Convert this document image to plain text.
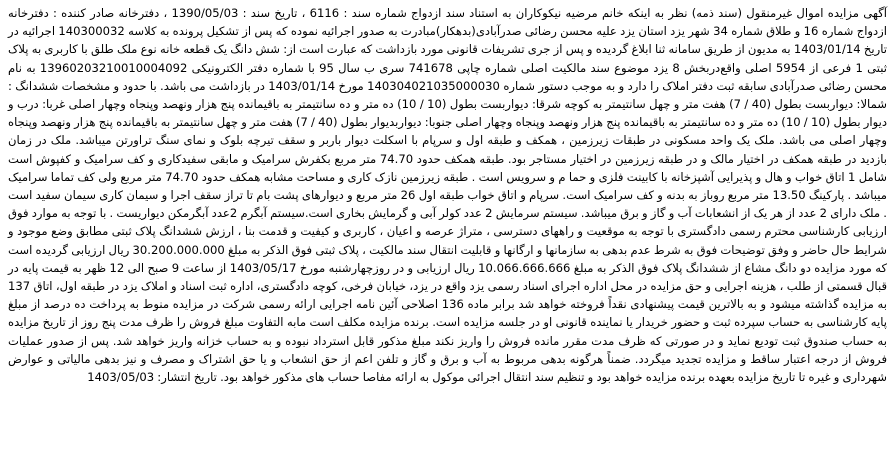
آگهی مزایده اموال غیرمنقول (سند ذمه) نظر به اینکه خانم مرضیه نیکوکاران به استناد سند ازدواج شماره سند : 6116 ، تاریخ سند : 1390/05/03 ، دفترخانه صادر کننده : دفترخانه ازدواج شماره 16 و طلاق شماره 34 شهر یزد استان یزد علیه محسن رضائی صدرآبادی(بدهکار)مبادرت به صدور اجرائیه نموده که پس از تشکیل پرونده به کلاسه 140300032 اجرائیه در تاریخ 1403/01/14 به مدیون از طریق سامانه ثنا ابلاغ گردیده و پس از جری تشریفات قانونی مورد بازداشت که عبارت است از: شش دانگ یک قطعه خانه نوع ملک طلق با کاربری به پلاک ثبتی 1 فرعی از 5954 اصلی واقع‌دربخش 8 یزد موضوع سند مالکیت اصلی شماره چاپی 741678 سری ب سال 95 با شماره دفتر الکترونیکی 13960203210010004092 به نام محسن رضائی صدرآبادی سابقه ثبت دفتر املاک را دارد و به موجب دستور شماره 140304021035000030 مورخ 1403/01/14 در بازداشت می باشد. با حدود و مشخصات ششدانگ : شمالا: دیواربست بطول (40 / 7) هفت متر و چهل سانتیمتر به کوچه شرقا: دیواربست بطول (10 / 10) ده متر و ده سانتیمتر به باقیمانده پنج هزار ونهصد وپنجاه وچهار اصلی غربا: درب و دیوار بطول (10 / 10) ده متر و ده سانتیمتر به باقیمانده پنج هزار ونهصد وپنجاه وچهار اصلی جنوبا: دیواربدیوار بطول (40 / 7) هفت متر و چهل سانتیمتر به باقیمانده پنج هزار ونهصد وپنجاه وچهار اصلی می باشد. ملک یک واحد مسکونی در طبقات زیرزمین ، همکف و طبقه اول و سرپام با اسکلت دیوار باربر و سقف تیرچه بلوک و نمای سنگ تراورتن میباشد. ملک در زمان بازدید در طبقه همکف در اختیار مالک و در طبقه زیرزمین در اختیار مستاجر بود. طبقه همکف حدود 74.70 متر مربع بکفرش سرامیک و مابقی سفیدکاری و کف سرامیک و کفپوش است شامل 1 اتاق خواب و هال و پذیرایی آشپزخانه با کابینت فلزی و حما م و سرویس است . طبقه زیرزمین نازک کاری و مساحت مشابه همکف حدود 74.70 متر مربع ولی کف تماما سرامیک میباشد . پارکینگ 13.50 متر مربع روباز به بدنه و کف سرامیک است. سرپام و اتاق خواب طبقه اول 26 متر مربع و دیوارهای پشت بام تا تراز سقف اجرا و سیمان کاری سیمان سفید است . ملک دارای 2 عدد از هر یک از انشعابات آب و گاز و برق میباشد. سیستم سرمایش 2 عدد کولر آبی و گرمایش بخاری است.سیستم آبگرم 2عدد آبگرمکن دیواریست . با توجه به موارد فوق ارزیابی کارشناسی محترم رسمی دادگستری با توجه به موقعیت و راههای دسترسی ، متراژ عرصه و اعیان ، کاربری و کیفیت و قدمت بنا ، ارزش ششدانگ پلاک ثبتی مطابق وضع موجود و شرایط حال حاضر و وفق توضیحات فوق به شرط عدم بدهی به سازمانها و ارگانها و قابلیت انتقال سند مالکیت ، پلاک ثبتی فوق الذکر به مبلغ 30.200.000.000 ریال ارزیابی گردیده است که مورد مزایده دو دانگ مشاع از ششدانگ پلاک فوق الذکر به مبلغ 10.066.666.666 ریال ارزیابی و در روزچهارشنبه مورخ 1403/05/17 از ساعت 9 صبح الی 12 ظهر به قیمت پایه در قبال قسمتی از طلب ، هزینه اجرایی و حق مزایده در محل اداره اجرای اسناد رسمی یزد واقع در یزد، خیابان فرخی، کوچه دادگستری، اداره ثبت اسناد و املاک یزد در طبقه اول، اتاق 137 به مزایده گذاشته میشود و به بالاترین قیمت پیشنهادی نقداً فروخته خواهد شد برابر ماده 136 اصلاحی آئین نامه اجرایی ارائه رسمی شرکت در مزایده منوط به پرداخت ده درصد از مبلغ پایه کارشناسی به حساب سپرده ثبت و حضور خریدار یا نماینده قانونی او در جلسه مزایده است. برنده مزایده مکلف است مابه التفاوت مبلغ فروش را ظرف مدت پنج روز از تاریخ مزایده به حساب صندوق ثبت تودیع نماید و در صورتی که ظرف مدت مقرر مانده فروش را واریز نکند مبلغ مذکور قابل استرداد نبوده و به حساب خزانه واریز خواهد شد. پس از صدور عملیات فروش از درجه اعتبار ساقط و مزایده تجدید میگردد. ضمناً هرگونه بدهی مربوط به آب و برق و گاز و تلفن اعم از حق انشعاب و یا حق اشتراک و مصرف و نیز بدهی مالیاتی و عوارض شهرداری و غیره تا تاریخ مزایده بعهده برنده مزایده خواهد بود و تنظیم سند انتقال اجرائی موکول به ارائه مفاصا حساب های مذکور خواهد بود. تاریخ انتشار: 1403/05/03
